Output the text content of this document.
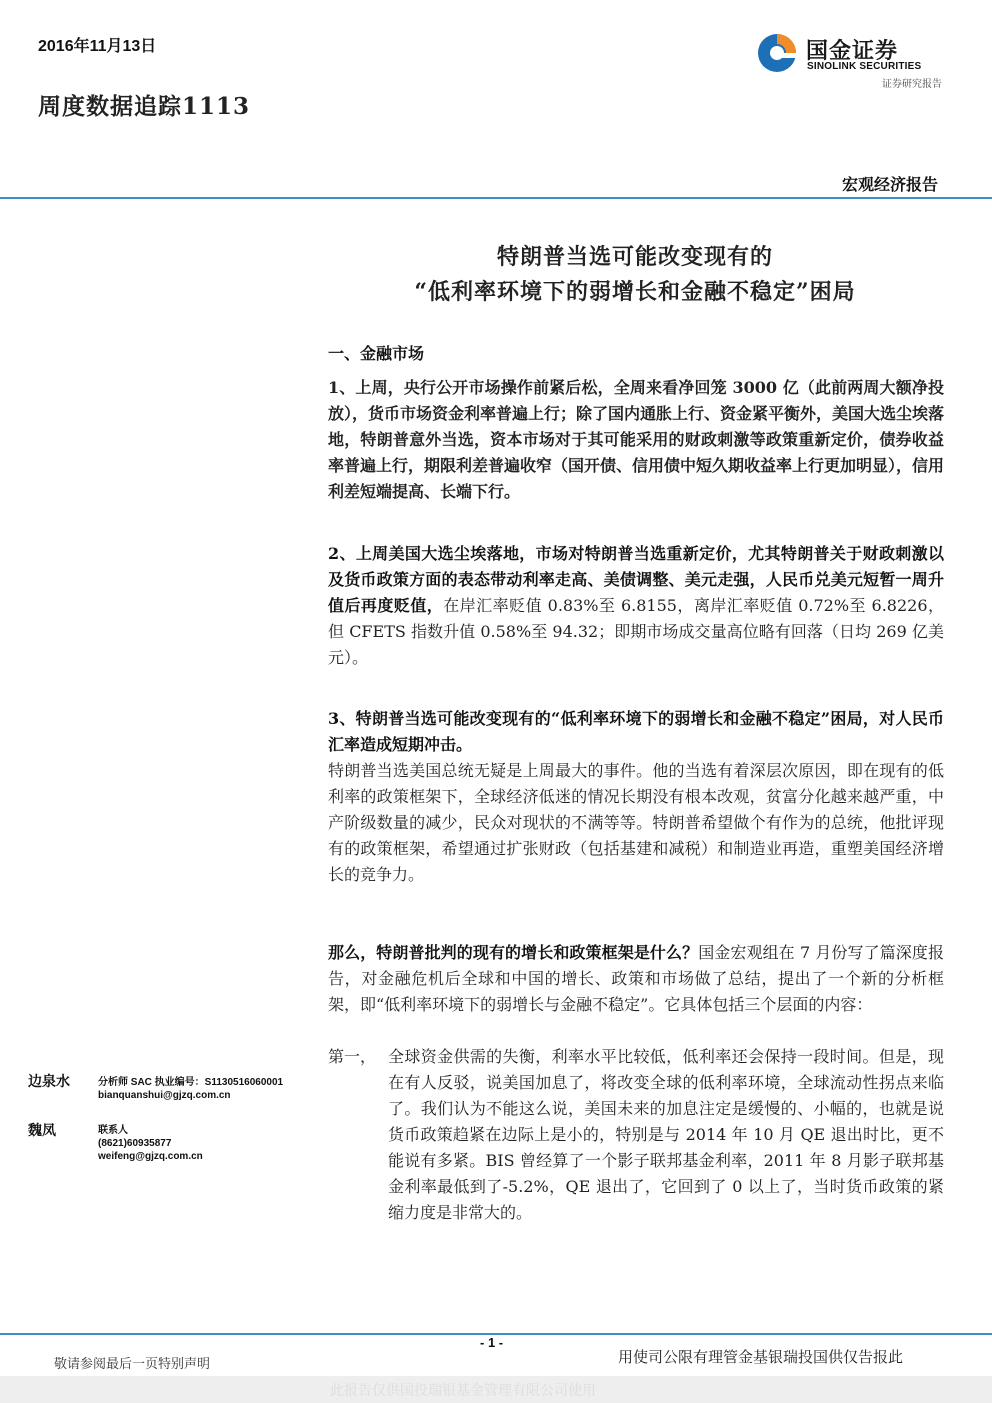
2016年11月13日
周度数据追踪1113
国金证券
SINOLINK SECURITIES
证券研究报告
宏观经济报告
特朗普当选可能改变现有的
“低利率环境下的弱增长和金融不稳定”困局
一、金融市场
1、上周，央行公开市场操作前紧后松，全周来看净回笼 3000 亿（此前两周大额净投放），货币市场资金利率普遍上行；除了国内通胀上行、资金紧平衡外，美国大选尘埃落地，特朗普意外当选，资本市场对于其可能采用的财政刺激等政策重新定价，债券收益率普遍上行，期限利差普遍收窄（国开债、信用债中短久期收益率上行更加明显），信用利差短端提高、长端下行。
2、上周美国大选尘埃落地，市场对特朗普当选重新定价，尤其特朗普关于财政刺激以及货币政策方面的表态带动利率走高、美债调整、美元走强，人民币兑美元短暂一周升值后再度贬值，在岸汇率贬值 0.83%至 6.8155，离岸汇率贬值 0.72%至 6.8226，但 CFETS 指数升值 0.58%至 94.32；即期市场成交量高位略有回落（日均 269 亿美元）。
3、特朗普当选可能改变现有的“低利率环境下的弱增长和金融不稳定”困局，对人民币汇率造成短期冲击。
特朗普当选美国总统无疑是上周最大的事件。他的当选有着深层次原因，即在现有的低利率的政策框架下，全球经济低迷的情况长期没有根本改观，贫富分化越来越严重，中产阶级数量的减少，民众对现状的不满等等。特朗普希望做个有作为的总统，他批评现有的政策框架，希望通过扩张财政（包括基建和减税）和制造业再造，重塑美国经济增长的竞争力。
那么，特朗普批判的现有的增长和政策框架是什么？国金宏观组在 7 月份写了篇深度报告，对金融危机后全球和中国的增长、政策和市场做了总结，提出了一个新的分析框架，即“低利率环境下的弱增长与金融不稳定”。它具体包括三个层面的内容：
第一， 全球资金供需的失衡，利率水平比较低，低利率还会保持一段时间。但是，现在有人反驳，说美国加息了，将改变全球的低利率环境，全球流动性拐点来临了。我们认为不能这么说，美国未来的加息注定是缓慢的、小幅的，也就是说货币政策趋紧在边际上是小的，特别是与 2014 年 10 月 QE 退出时比，更不能说有多紧。BIS 曾经算了一个影子联邦基金利率，2011 年 8 月影子联邦基金利率最低到了-5.2%，QE 退出了，它回到了 0 以上了，当时货币政策的紧缩力度是非常大的。
边泉水	分析师 SAC 执业编号：S1130516060001
bianquanshui@gjzq.com.cn
魏凤	联系人
(8621)60935877
weifeng@gjzq.com.cn
- 1 -
敬请参阅最后一页特别声明	用使司公限有理管金基银瑞投国供仅告报此
此报告仅供国投瑞银基金管理有限公司使用
